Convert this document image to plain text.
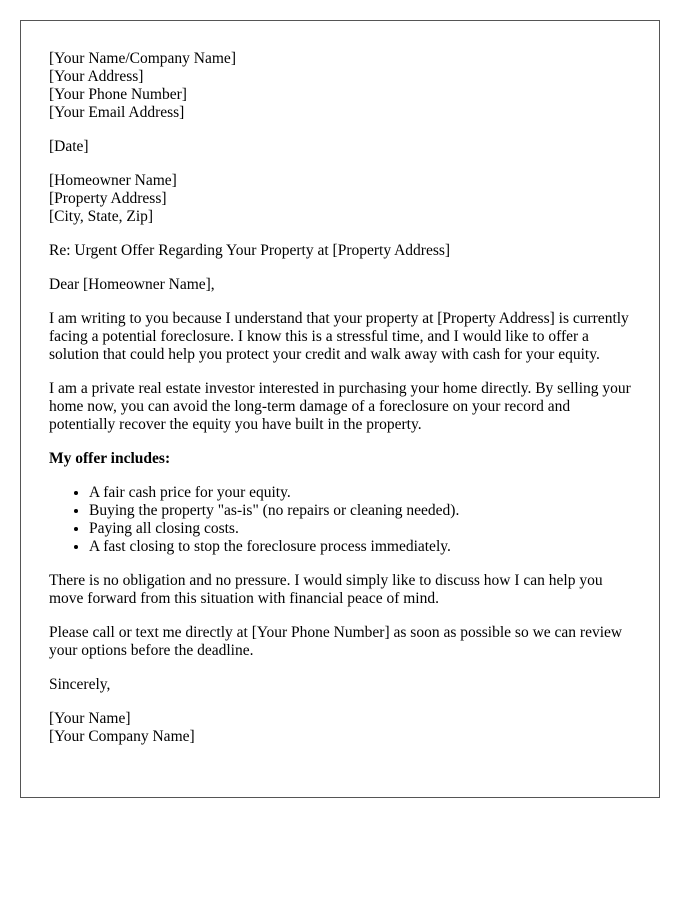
[Your Name/Company Name]
[Your Address]
[Your Phone Number]
[Your Email Address]
[Date]
[Homeowner Name]
[Property Address]
[City, State, Zip]
Re: Urgent Offer Regarding Your Property at [Property Address]
Dear [Homeowner Name],

I am writing to you because I understand that your property at [Property Address] is currently facing a potential foreclosure. I know this is a stressful time, and I would like to offer a solution that could help you protect your credit and walk away with cash for your equity.

I am a private real estate investor interested in purchasing your home directly. By selling your home now, you can avoid the long-term damage of a foreclosure on your record and potentially recover the equity you have built in the property.

My offer includes:
• A fair cash price for your equity.
• Buying the property "as-is" (no repairs or cleaning needed).
• Paying all closing costs.
• A fast closing to stop the foreclosure process immediately.

There is no obligation and no pressure. I would simply like to discuss how I can help you move forward from this situation with financial peace of mind.

Please call or text me directly at [Your Phone Number] as soon as possible so we can review your options before the deadline.

Sincerely,
[Your Name]
[Your Company Name]
